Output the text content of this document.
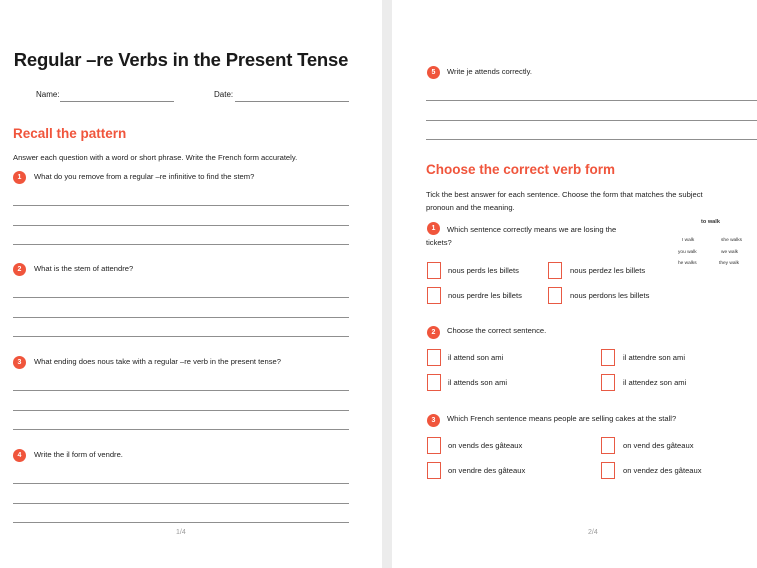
Regular –re Verbs in the Present Tense
Name:	Date:
Recall the pattern
Answer each question with a word or short phrase. Write the French form accurately.
1	What do you remove from a regular –re infinitive to find the stem?
2	What is the stem of attendre?
3	What ending does nous take with a regular –re verb in the present tense?
4	Write the il form of vendre.
1/4
5	Write je attends correctly.
Choose the correct verb form
Tick the best answer for each sentence. Choose the form that matches the subject
pronoun and the meaning.
to walk
I walk	she walks
you walk	we walk
he walks	they walk
1	Which sentence correctly means we are losing the
tickets?
nous perds les billets	nous perdez les billets
nous perdre les billets	nous perdons les billets
2	Choose the correct sentence.
il attend son ami	il attendre son ami
il attends son ami	il attendez son ami
3	Which French sentence means people are selling cakes at the stall?
on vends des gâteaux	on vend des gâteaux
on vendre des gâteaux	on vendez des gâteaux
2/4
